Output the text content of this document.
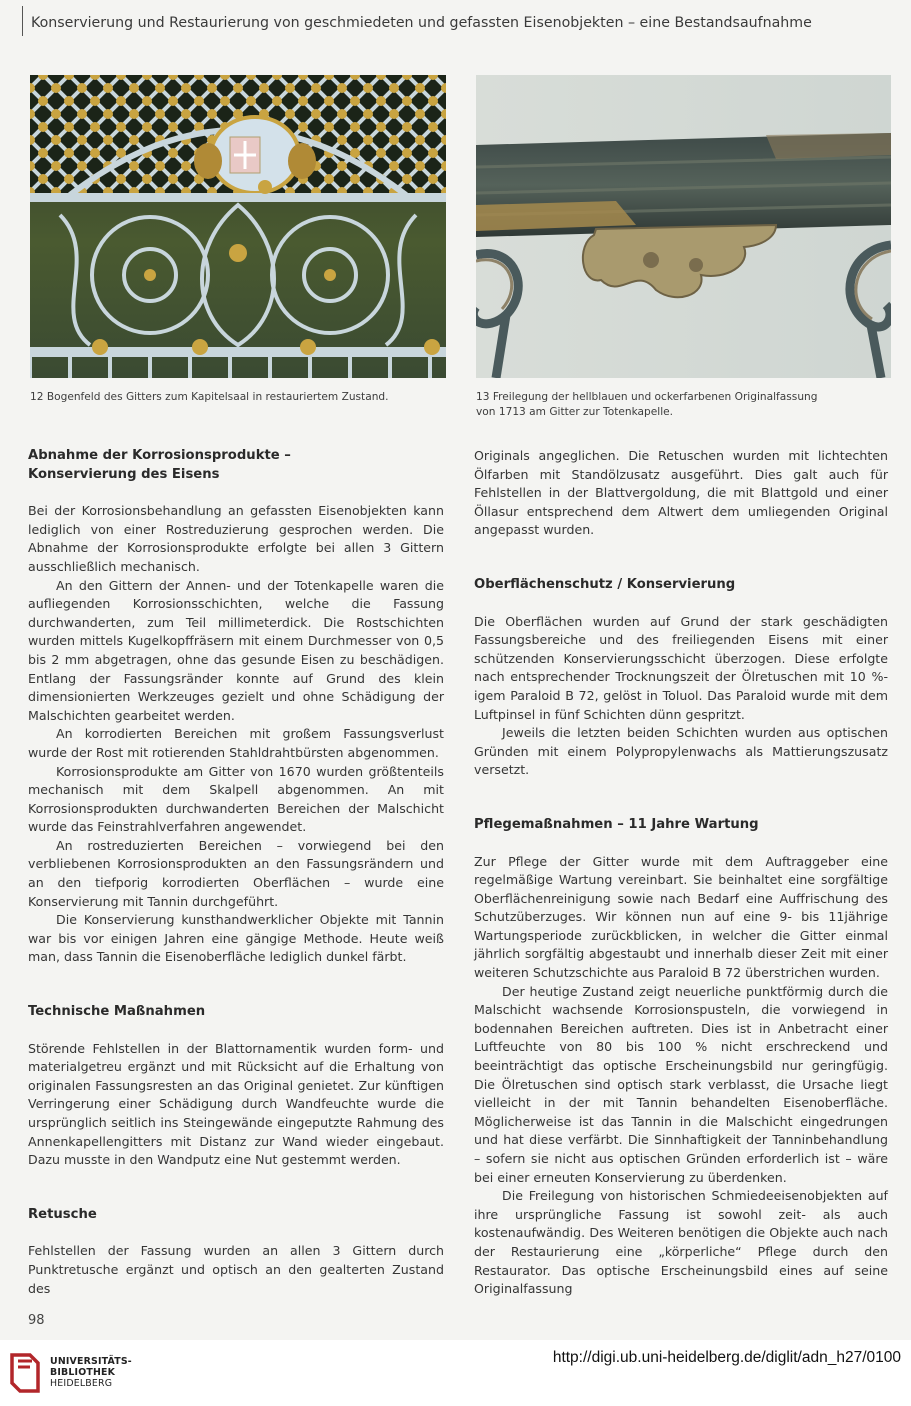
Konservierung und Restaurierung von geschmiedeten und gefassten Eisenobjekten – eine Bestandsaufnahme
12 Bogenfeld des Gitters zum Kapitelsaal in restauriertem Zustand.	13 Freilegung der hellblauen und ockerfarbenen Originalfassung
von 1713 am Gitter zur Totenkapelle.
Abnahme der Korrosionsprodukte –
Konservierung des Eisens

Bei der Korrosionsbehandlung an gefassten Eisenobjekten kann lediglich von einer Rostreduzierung gesprochen werden. Die Abnahme der Korrosionsprodukte erfolgte bei allen 3 Gittern ausschließlich mechanisch.

An den Gittern der Annen- und der Totenkapelle waren die aufliegenden Korrosionsschichten, welche die Fassung durchwanderten, zum Teil millimeterdick. Die Rostschichten wurden mittels Kugelkopffräsern mit einem Durchmesser von 0,5 bis 2 mm abgetragen, ohne das gesunde Eisen zu beschädigen. Entlang der Fassungsränder konnte auf Grund des klein dimensionierten Werkzeuges gezielt und ohne Schädigung der Malschichten gearbeitet werden.

An korrodierten Bereichen mit großem Fassungsverlust wurde der Rost mit rotierenden Stahldrahtbürsten abgenommen.

Korrosionsprodukte am Gitter von 1670 wurden größtenteils mechanisch mit dem Skalpell abgenommen. An mit Korrosionsprodukten durchwanderten Bereichen der Malschicht wurde das Feinstrahlverfahren angewendet.

An rostreduzierten Bereichen – vorwiegend bei den verbliebenen Korrosionsprodukten an den Fassungsrändern und an den tiefporig korrodierten Oberflächen – wurde eine Konservierung mit Tannin durchgeführt.

Die Konservierung kunsthandwerklicher Objekte mit Tannin war bis vor einigen Jahren eine gängige Methode. Heute weiß man, dass Tannin die Eisenoberfläche lediglich dunkel färbt.

Technische Maßnahmen

Störende Fehlstellen in der Blattornamentik wurden form- und materialgetreu ergänzt und mit Rücksicht auf die Erhaltung von originalen Fassungsresten an das Original genietet. Zur künftigen Verringerung einer Schädigung durch Wandfeuchte wurde die ursprünglich seitlich ins Steingewände eingeputzte Rahmung des Annenkapellengitters mit Distanz zur Wand wieder eingebaut. Dazu musste in den Wandputz eine Nut gestemmt werden.

Retusche

Fehlstellen der Fassung wurden an allen 3 Gittern durch Punktretusche ergänzt und optisch an den gealterten Zustand des

Originals angeglichen. Die Retuschen wurden mit lichtechten Ölfarben mit Standölzusatz ausgeführt. Dies galt auch für Fehlstellen in der Blattvergoldung, die mit Blattgold und einer Öllasur entsprechend dem Altwert dem umliegenden Original angepasst wurden.

Oberflächenschutz / Konservierung

Die Oberflächen wurden auf Grund der stark geschädigten Fassungsbereiche und des freiliegenden Eisens mit einer schützenden Konservierungsschicht überzogen. Diese erfolgte nach entsprechender Trocknungszeit der Ölretuschen mit 10 %-igem Paraloid B 72, gelöst in Toluol. Das Paraloid wurde mit dem Luftpinsel in fünf Schichten dünn gespritzt.

Jeweils die letzten beiden Schichten wurden aus optischen Gründen mit einem Polypropylenwachs als Mattierungszusatz versetzt.

Pflegemaßnahmen – 11 Jahre Wartung

Zur Pflege der Gitter wurde mit dem Auftraggeber eine regelmäßige Wartung vereinbart. Sie beinhaltet eine sorgfältige Oberflächenreinigung sowie nach Bedarf eine Auffrischung des Schutzüberzuges. Wir können nun auf eine 9- bis 11jährige Wartungsperiode zurückblicken, in welcher die Gitter einmal jährlich sorgfältig abgestaubt und innerhalb dieser Zeit mit einer weiteren Schutzschichte aus Paraloid B 72 überstrichen wurden.

Der heutige Zustand zeigt neuerliche punktförmig durch die Malschicht wachsende Korrosionspusteln, die vorwiegend in bodennahen Bereichen auftreten. Dies ist in Anbetracht einer Luftfeuchte von 80 bis 100 % nicht erschreckend und beeinträchtigt das optische Erscheinungsbild nur geringfügig. Die Ölretuschen sind optisch stark verblasst, die Ursache liegt vielleicht in der mit Tannin behandelten Eisenoberfläche. Möglicherweise ist das Tannin in die Malschicht eingedrungen und hat diese verfärbt. Die Sinnhaftigkeit der Tanninbehandlung – sofern sie nicht aus optischen Gründen erforderlich ist – wäre bei einer erneuten Konservierung zu überdenken.

Die Freilegung von historischen Schmiedeeisenobjekten auf ihre ursprüngliche Fassung ist sowohl zeit- als auch kostenaufwändig. Des Weiteren benötigen die Objekte auch nach der Restaurierung eine „körperliche“ Pflege durch den Restaurator. Das optische Erscheinungsbild eines auf seine Originalfassung

98
UNIVERSITÄTS-
BIBLIOTHEK
HEIDELBERG
http://digi.ub.uni-heidelberg.de/diglit/adn_h27/0100
